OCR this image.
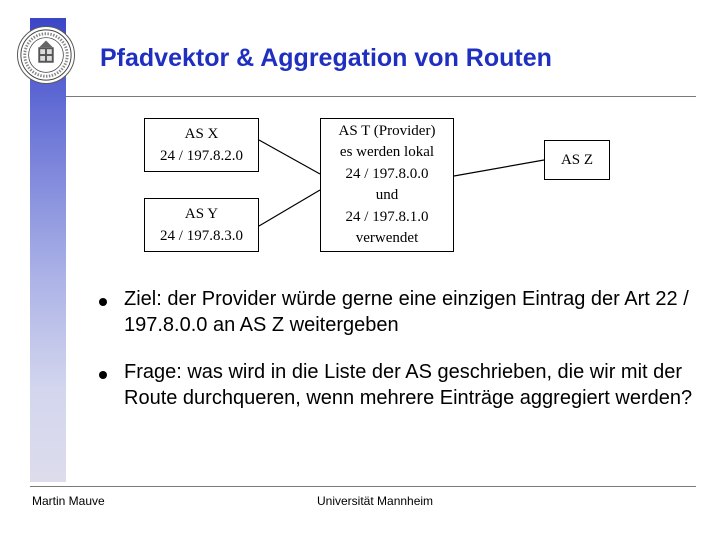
Pfadvektor & Aggregation von Routen
AS X
24 / 197.8.2.0
AS Y
24 / 197.8.3.0
AS T (Provider)
es werden lokal
24 / 197.8.0.0
und
24 / 197.8.1.0
verwendet
AS Z
Ziel: der Provider würde gerne eine einzigen Eintrag der Art 22 / 197.8.0.0 an AS Z weitergeben
Frage: was wird in die Liste der AS geschrieben, die wir mit der Route durchqueren, wenn mehrere Einträge aggregiert werden?
Martin Mauve	Universität Mannheim
